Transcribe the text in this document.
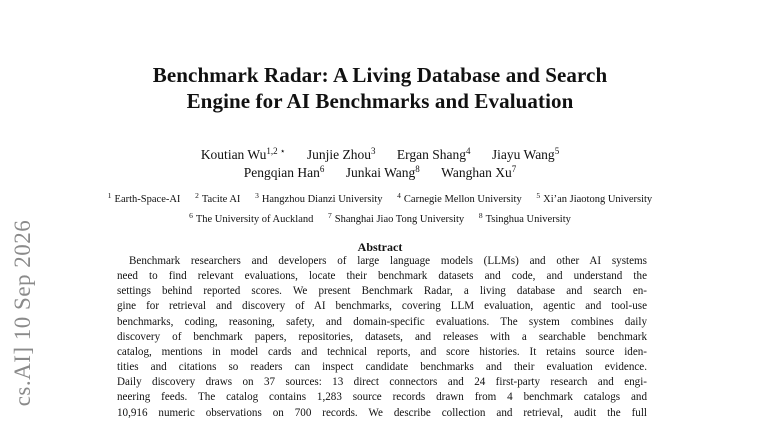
cs.AI] 10 Sep 2026
Benchmark Radar: A Living Database and Search
Engine for AI Benchmarks and Evaluation
Koutian $Wu^{1,2 ⋆}$ Junjie Zhou$^3$ Ergan Shang$^4$ Jiayu Wang$^5$
Pengqian Han$^6$ Junkai Wang$^8$ Wanghan Xu$^7$
$^1$ Earth-Space-AI $^2$ Tacite AI $^3$ Hangzhou Dianzi University $^4$ Carnegie Mellon University $^5$ Xi’an Jiaotong University
$^6$ The University of Auckland $^7$ Shanghai Jiao Tong University $^8$ Tsinghua University
Abstract
Benchmark researchers and developers of large language models (LLMs) and other AI systems
need to find relevant evaluations, locate their benchmark datasets and code, and understand the
settings behind reported scores. We present Benchmark Radar, a living database and search en-
gine for retrieval and discovery of AI benchmarks, covering LLM evaluation, agentic and tool-use
benchmarks, coding, reasoning, safety, and domain-specific evaluations. The system combines daily
discovery of benchmark papers, repositories, datasets, and releases with a searchable benchmark
catalog, mentions in model cards and technical reports, and score histories. It retains source iden-
tities and citations so readers can inspect candidate benchmarks and their evaluation evidence.
Daily discovery draws on 37 sources: 13 direct connectors and 24 first-party research and engi-
neering feeds. The catalog contains 1,283 source records drawn from 4 benchmark catalogs and
10,916 numeric observations on 700 records. We describe collection and retrieval, audit the full
